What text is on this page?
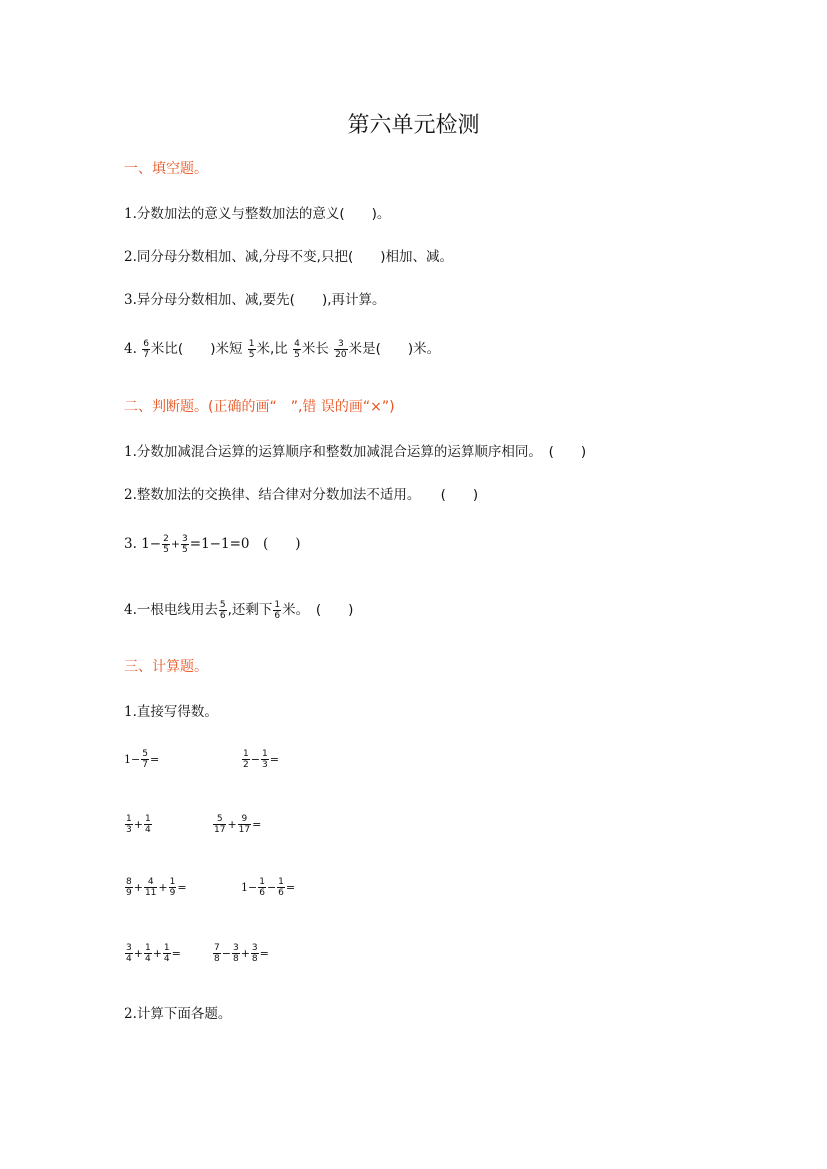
第六单元检测
一、填空题。
1.分数加法的意义与整数加法的意义(　　)。
2.同分母分数相加、减,分母不变,只把(　　)相加、减。
3.异分母分数相加、减,要先(　　),再计算。
4. $\frac{6}{7}$ 米比(　　)米短 $\frac{1}{5}$ 米,比 $\frac{4}{5}$ 米长 $\frac{3}{20}$ 米是(　　)米。
二、判断题。(正确的画“　”,错 误的画“×”)
1.分数加减混合运算的运算顺序和整数加减混合运算的运算顺序相同。　(　　)
2.整数加法的交换律、结合律对分数加法不适用。　　(　　)
3. $1- \frac{2}{5} + \frac{3}{5} =1-1=0$　(　　)
4.一根电线用去 $\frac{5}{6}$ ,还剩下 $\frac{1}{6}$ 米。　(　　)
三、计算题。
1.直接写得数。
$1- \frac{5}{7}$ =	$\frac{1}{2} - \frac{1}{3}$ =
$\frac{1}{3} + \frac{1}{4}$	$\frac{5}{17} + \frac{9}{17}$ =
$\frac{8}{9} + \frac{4}{11} + \frac{1}{9}$ =	$1- \frac{1}{6} - \frac{1}{6}$ =
$\frac{3}{4} + \frac{1}{4} + \frac{1}{4}$ =	$\frac{7}{8} - \frac{3}{8} + \frac{3}{8}$ =
2.计算下面各题。
